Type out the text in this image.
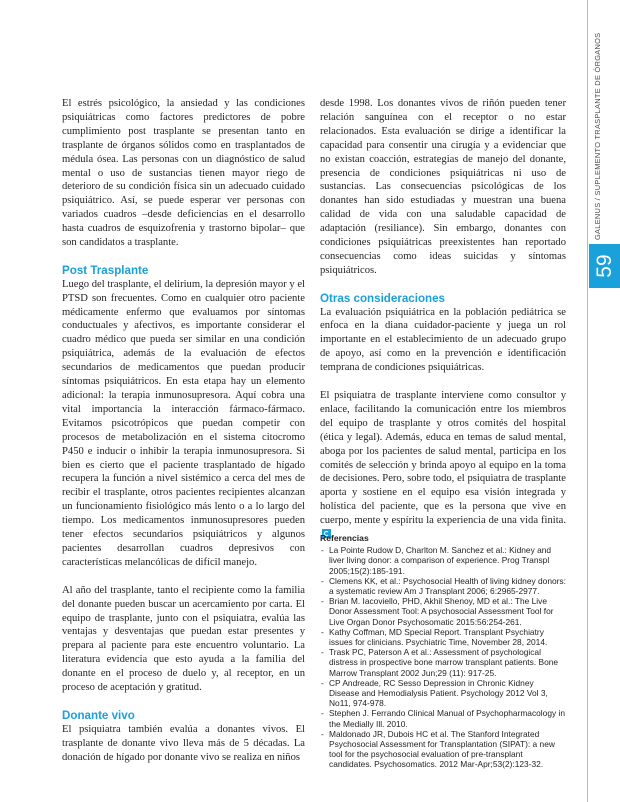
El estrés psicológico, la ansiedad y las condiciones psiquiátricas como factores predictores de pobre cumplimiento post trasplante se presentan tanto en trasplante de órganos sólidos como en trasplantados de médula ósea. Las personas con un diagnóstico de salud mental o uso de sustancias tienen mayor riego de deterioro de su condición física sin un adecuado cuidado psiquiátrico. Así, se puede esperar ver personas con variados cuadros –desde deficiencias en el desarrollo hasta cuadros de esquizofrenia y trastorno bipolar– que son candidatos a trasplante.

Post Trasplante

Luego del trasplante, el delirium, la depresión mayor y el PTSD son frecuentes. Como en cualquier otro paciente médicamente enfermo que evaluamos por síntomas conductuales y afectivos, es importante considerar el cuadro médico que pueda ser similar en una condición psiquiátrica, además de la evaluación de efectos secundarios de medicamentos que puedan producir síntomas psiquiátricos. En esta etapa hay un elemento adicional: la terapia inmunosupresora. Aquí cobra una vital importancia la interacción fármaco-fármaco. Evitamos psicotrópicos que puedan competir con procesos de metabolización en el sistema citocromo P450 e inducir o inhibir la terapia inmunosupresora. Si bien es cierto que el paciente trasplantado de hígado recupera la función a nivel sistémico a cerca del mes de recibir el trasplante, otros pacientes recipientes alcanzan un funcionamiento fisiológico más lento o a lo largo del tiempo. Los medicamentos inmunosupresores pueden tener efectos secundarios psiquiátricos y algunos pacientes desarrollan cuadros depresivos con características melancólicas de difícil manejo.

Al año del trasplante, tanto el recipiente como la familia del donante pueden buscar un acercamiento por carta. El equipo de trasplante, junto con el psiquiatra, evalúa las ventajas y desventajas que puedan estar presentes y prepara al paciente para este encuentro voluntario. La literatura evidencia que esto ayuda a la familia del donante en el proceso de duelo y, al receptor, en un proceso de aceptación y gratitud.

Donante vivo

El psiquiatra también evalúa a donantes vivos. El trasplante de donante vivo lleva más de 5 décadas. La donación de hígado por donante vivo se realiza en niños

desde 1998. Los donantes vivos de riñón pueden tener relación sanguínea con el receptor o no estar relacionados. Esta evaluación se dirige a identificar la capacidad para consentir una cirugía y a evidenciar que no existan coacción, estrategias de manejo del donante, presencia de condiciones psiquiátricas ni uso de sustancias. Las consecuencias psicológicas de los donantes han sido estudiadas y muestran una buena calidad de vida con una saludable capacidad de adaptación (resiliance). Sin embargo, donantes con condiciones psiquiátricas preexistentes han reportado consecuencias como ideas suicidas y síntomas psiquiátricos.

Otras consideraciones

La evaluación psiquiátrica en la población pediátrica se enfoca en la diana cuidador-paciente y juega un rol importante en el establecimiento de un adecuado grupo de apoyo, así como en la prevención e identificación temprana de condiciones psiquiátricas.

El psiquiatra de trasplante interviene como consultor y enlace, facilitando la comunicación entre los miembros del equipo de trasplante y otros comités del hospital (ética y legal). Además, educa en temas de salud mental, aboga por los pacientes de salud mental, participa en los comités de selección y brinda apoyo al equipo en la toma de decisiones. Pero, sobre todo, el psiquiatra de trasplante aporta y sostiene en el equipo esa visión integrada y holística del paciente, que es la persona que vive en cuerpo, mente y espíritu la experiencia de una vida finita.

Referencias
- La Pointe Rudow D, Charlton M. Sanchez et al.: Kidney and liver living donor: a comparison of experience. Prog Transpl 2005;15(2):185-191.
- Clemens KK, et al.: Psychosocial Health of living kidney donors: a systematic review Am J Transplant 2006; 6:2965-2977.
- Brian M. Iacoviello, PHD, Akhil Shenoy, MD et al.: The Live Donor Assessment Tool: A psychosocial Assessment Tool for Live Organ Donor Psychosomatic 2015:56:254-261.
- Kathy Coffman, MD Special Report. Transplant Psychiatry issues for clinicians. Psychiatric Time, November 28, 2014.
- Trask PC, Paterson A et al.: Assessment of psychological distress in prospective bone marrow transplant patients. Bone Marrow Transplant 2002 Jun;29 (11): 917-25.
- CP Andreade, RC Sesso Depression in Chronic Kidney Disease and Hemodialysis Patient. Psychology 2012 Vol 3, No11, 974-978.
- Stephen J. Ferrando Clinical Manual of Psychopharmacology in the Medially Ill. 2010.
- Maldonado JR, Dubois HC et al. The Stanford Integrated Psychosocial Assessment for Transplantation (SIPAT): a new tool for the psychosocial evaluation of pre-transplant candidates. Psychosomatics. 2012 Mar-Apr;53(2):123-32.
GALENUS / SUPLEMENTO TRASPLANTE DE ÓRGANOS
59
